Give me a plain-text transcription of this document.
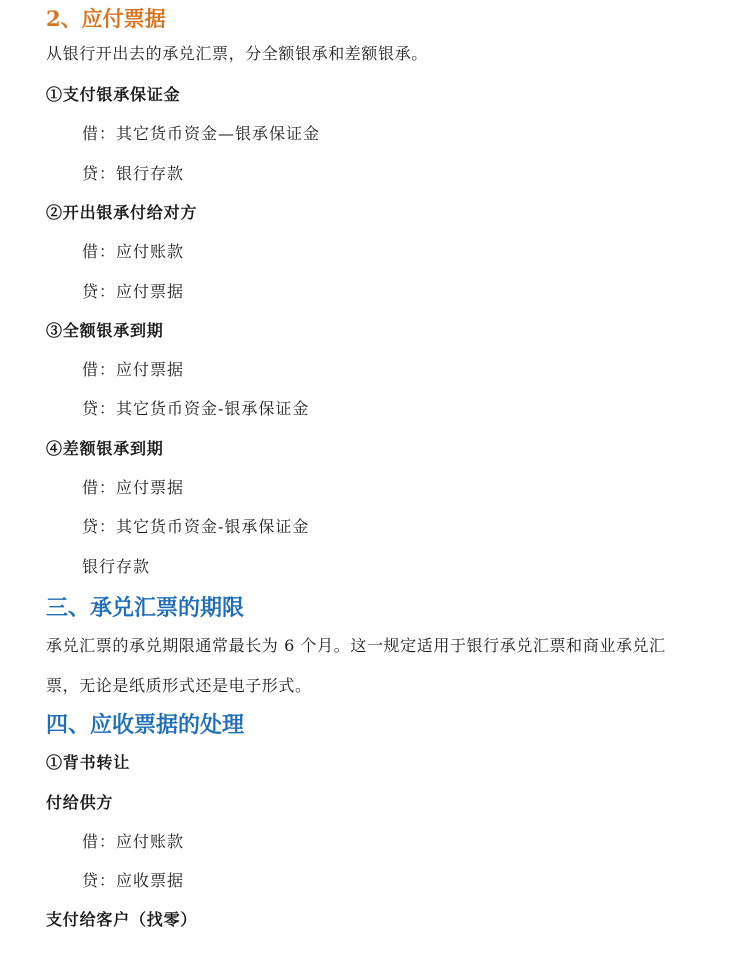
2、应付票据
从银行开出去的承兑汇票，分全额银承和差额银承。
①支付银承保证金
借：其它货币资金—银承保证金
贷：银行存款
②开出银承付给对方
借：应付账款
贷：应付票据
③全额银承到期
借：应付票据
贷：其它货币资金-银承保证金
④差额银承到期
借：应付票据
贷：其它货币资金-银承保证金
银行存款
三、承兑汇票的期限
承兑汇票的承兑期限通常最长为 6 个月。这一规定适用于银行承兑汇票和商业承兑汇
票，无论是纸质形式还是电子形式。
四、应收票据的处理
①背书转让
付给供方
借：应付账款
贷：应收票据
支付给客户（找零）
